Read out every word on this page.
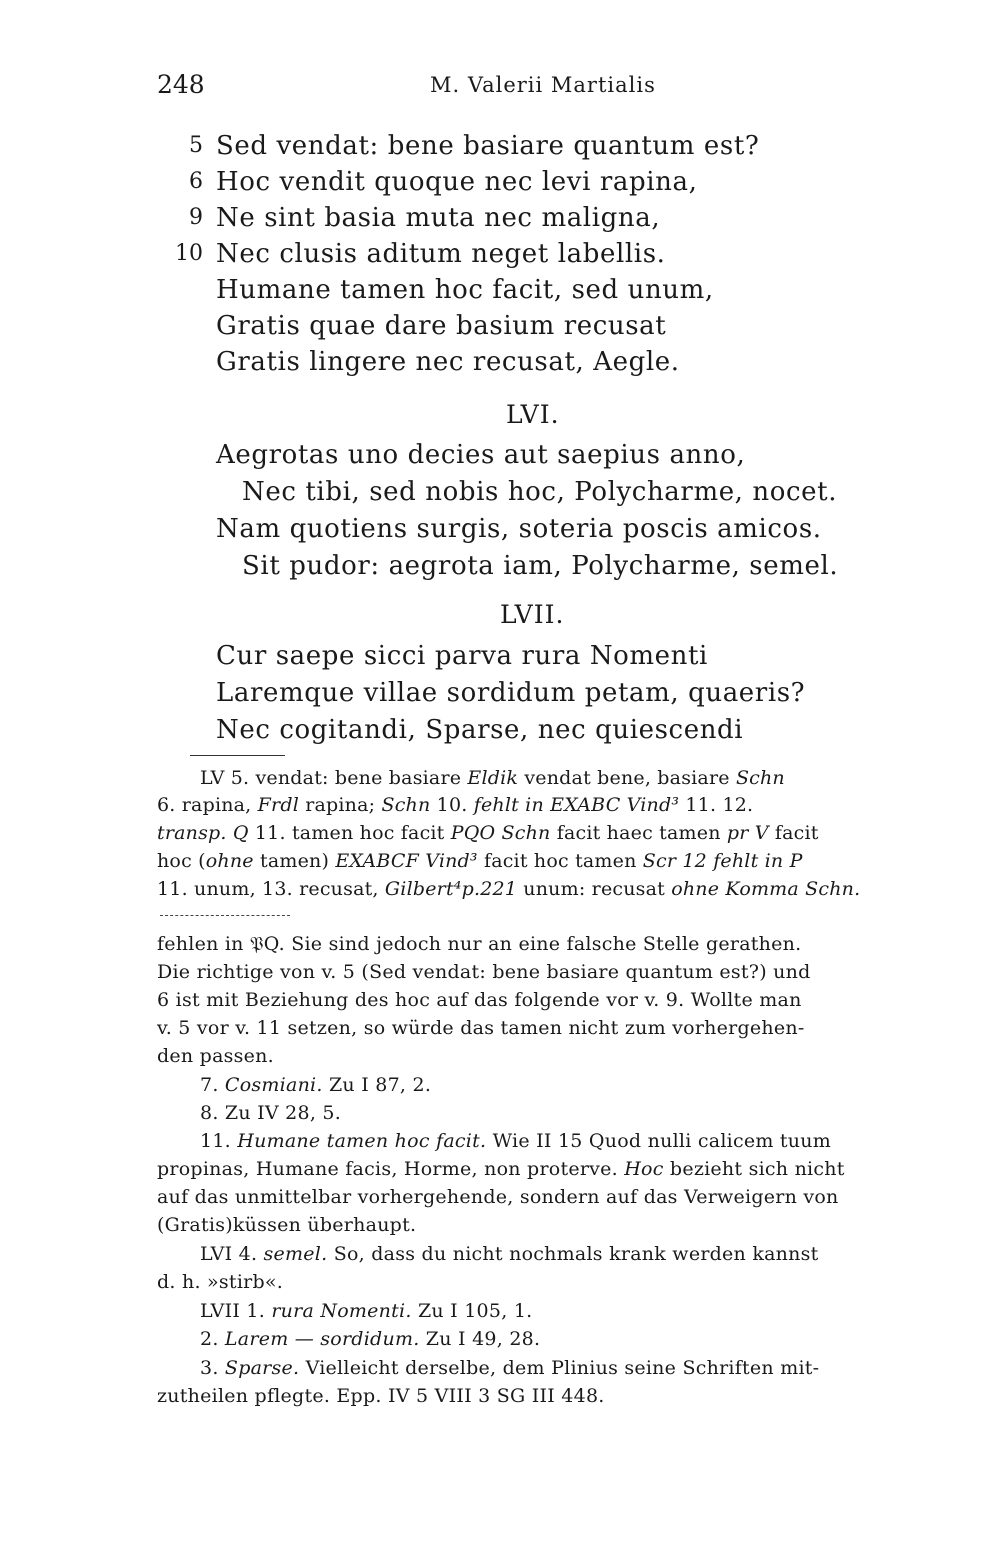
248	M. Valerii Martialis
5 Sed vendat: bene basiare quantum est?
6 Hoc vendit quoque nec levi rapina,
9 Ne sint basia muta nec maligna,
10 Nec clusis aditum neget labellis.
Humane tamen hoc facit, sed unum,
Gratis quae dare basium recusat
Gratis lingere nec recusat, Aegle.
LVI.
Aegrotas uno decies aut saepius anno,
Nec tibi, sed nobis hoc, Polycharme, nocet.
Nam quotiens surgis, soteria poscis amicos.
Sit pudor: aegrota iam, Polycharme, semel.
LVII.
Cur saepe sicci parva rura Nomenti
Laremque villae sordidum petam, quaeris?
Nec cogitandi, Sparse, nec quiescendi
LV 5. vendat: bene basiare Eldik vendat bene, basiare Schn
6. rapina, Frdl rapina; Schn 10. fehlt in EXABC Vind³ 11. 12.
transp. Q 11. tamen hoc facit PQO Schn facit haec tamen pr V facit
hoc (ohne tamen) EXABCF Vind³ facit hoc tamen Scr 12 fehlt in P
11. unum, 13. recusat, Gilbert⁴p.221 unum: recusat ohne Komma Schn.
fehlen in 𝔓Q. Sie sind jedoch nur an eine falsche Stelle gerathen.
Die richtige von v. 5 (Sed vendat: bene basiare quantum est?) und
6 ist mit Beziehung des hoc auf das folgende vor v. 9. Wollte man
v. 5 vor v. 11 setzen, so würde das tamen nicht zum vorhergehen-
den passen.
7. Cosmiani. Zu I 87, 2.
8. Zu IV 28, 5.
11. Humane tamen hoc facit. Wie II 15 Quod nulli calicem tuum
propinas, Humane facis, Horme, non proterve. Hoc bezieht sich nicht
auf das unmittelbar vorhergehende, sondern auf das Verweigern von
(Gratis)küssen überhaupt.
LVI 4. semel. So, dass du nicht nochmals krank werden kannst
d. h. »stirb«.
LVII 1. rura Nomenti. Zu I 105, 1.
2. Larem — sordidum. Zu I 49, 28.
3. Sparse. Vielleicht derselbe, dem Plinius seine Schriften mit-
zutheilen pflegte. Epp. IV 5 VIII 3 SG III 448.
